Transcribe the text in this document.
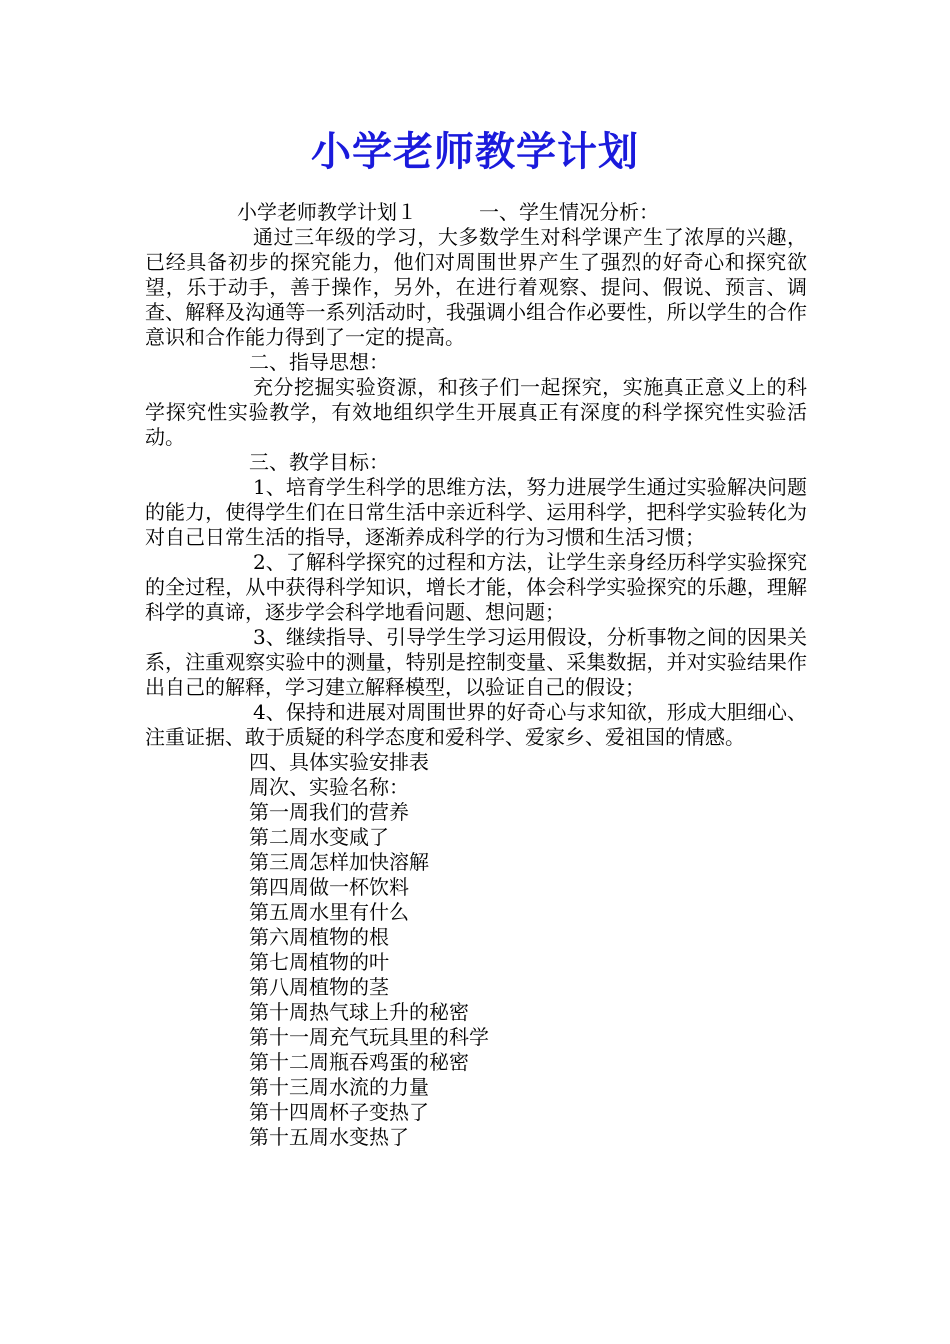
小学老师教学计划

小学老师教学计划１	一、学生情况分析：

通过三年级的学习，大多数学生对科学课产生了浓厚的兴趣，已经具备初步的探究能力，他们对周围世界产生了强烈的好奇心和探究欲望，乐于动手，善于操作，另外，在进行着观察、提问、假说、预言、调查、解释及沟通等一系列活动时，我强调小组合作必要性，所以学生的合作意识和合作能力得到了一定的提高。

二、指导思想：

充分挖掘实验资源，和孩子们一起探究，实施真正意义上的科学探究性实验教学，有效地组织学生开展真正有深度的科学探究性实验活动。

三、教学目标：

1、培育学生科学的思维方法，努力进展学生通过实验解决问题的能力，使得学生们在日常生活中亲近科学、运用科学，把科学实验转化为对自己日常生活的指导，逐渐养成科学的行为习惯和生活习惯；

2、了解科学探究的过程和方法，让学生亲身经历科学实验探究的全过程，从中获得科学知识，增长才能，体会科学实验探究的乐趣，理解科学的真谛，逐步学会科学地看问题、想问题；

3、继续指导、引导学生学习运用假设，分析事物之间的因果关系，注重观察实验中的测量，特别是控制变量、采集数据，并对实验结果作出自己的解释，学习建立解释模型，以验证自己的假设；

4、保持和进展对周围世界的好奇心与求知欲，形成大胆细心、注重证据、敢于质疑的科学态度和爱科学、爱家乡、爱祖国的情感。

四、具体实验安排表

周次、实验名称：

第一周我们的营养

第二周水变咸了

第三周怎样加快溶解

第四周做一杯饮料

第五周水里有什么

第六周植物的根

第七周植物的叶

第八周植物的茎

第十周热气球上升的秘密

第十一周充气玩具里的科学

第十二周瓶吞鸡蛋的秘密

第十三周水流的力量

第十四周杯子变热了

第十五周水变热了
